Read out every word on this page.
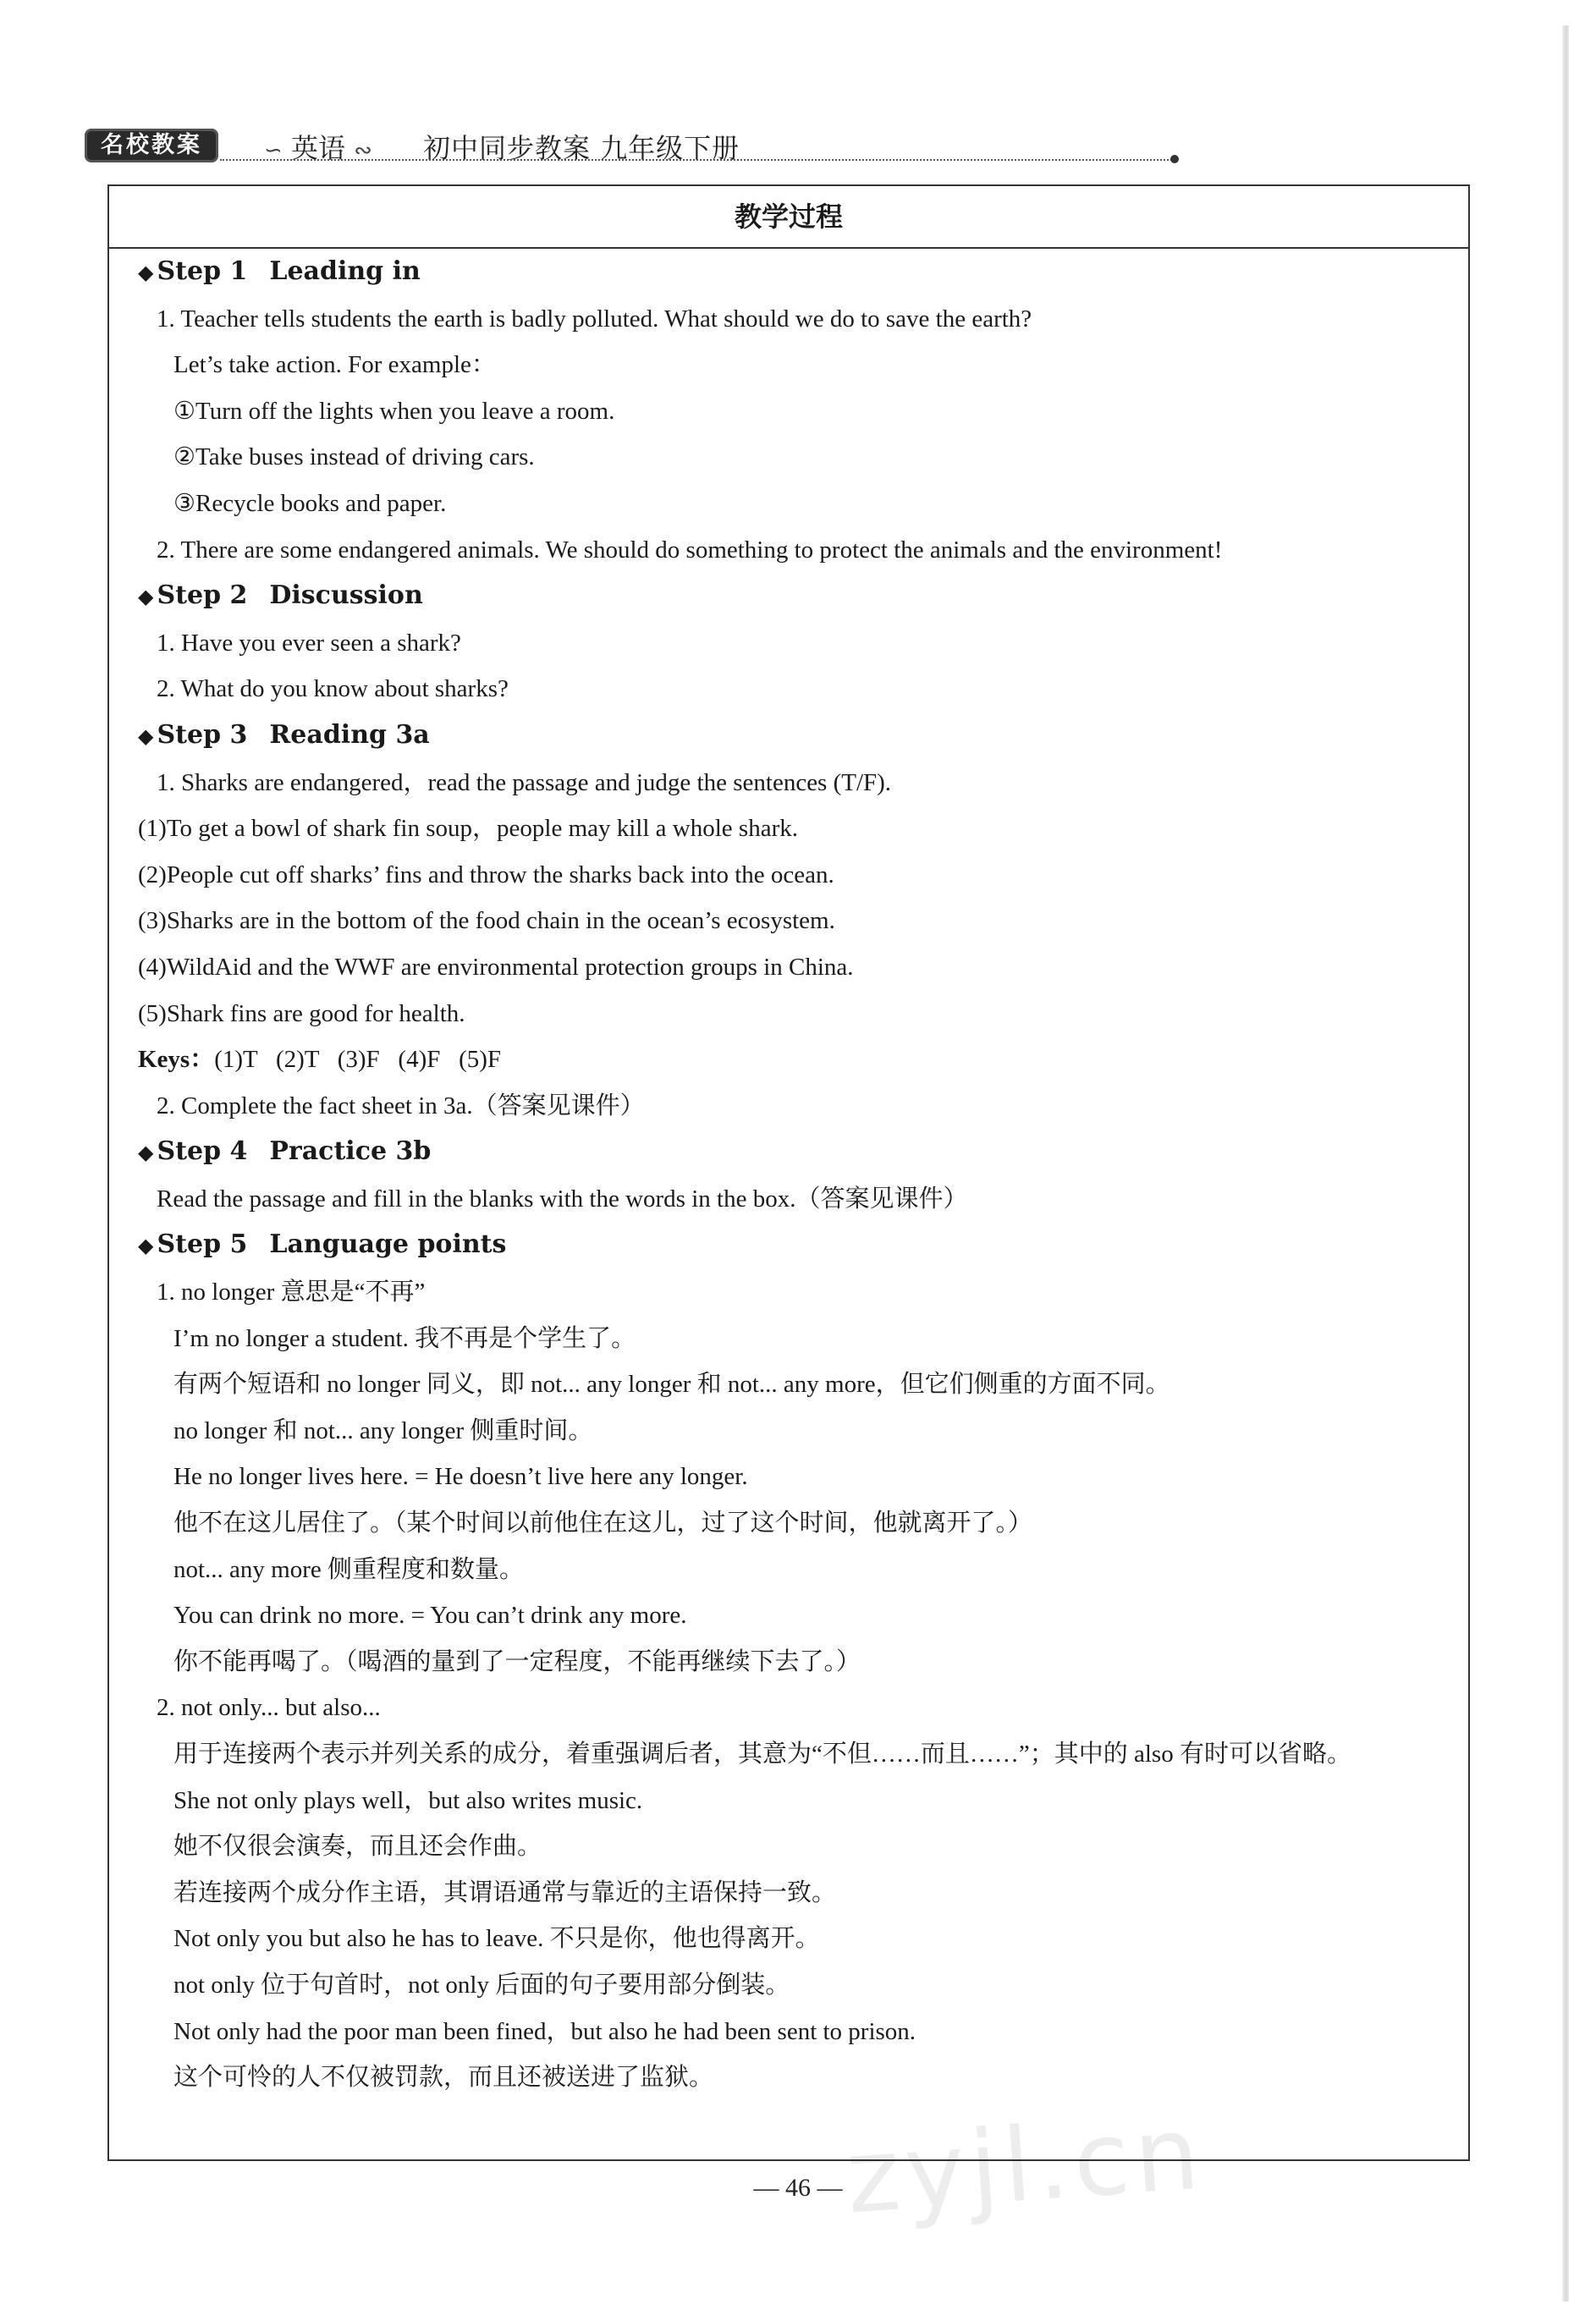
名校教案	∽ 英语 ∾ 初中同步教案 九年级下册
教学过程
◆ Step 1 Leading in
1. Teacher tells students the earth is badly polluted. What should we do to save the earth?
Let’s take action. For example：
①Turn off the lights when you leave a room.
②Take buses instead of driving cars.
③Recycle books and paper.
2. There are some endangered animals. We should do something to protect the animals and the environment!
◆ Step 2 Discussion
1. Have you ever seen a shark?
2. What do you know about sharks?
◆ Step 3 Reading 3a
1. Sharks are endangered，read the passage and judge the sentences (T/F).
(1)To get a bowl of shark fin soup，people may kill a whole shark.
(2)People cut off sharks’ fins and throw the sharks back into the ocean.
(3)Sharks are in the bottom of the food chain in the ocean’s ecosystem.
(4)WildAid and the WWF are environmental protection groups in China.
(5)Shark fins are good for health.
Keys：(1)T   (2)T   (3)F   (4)F   (5)F
2. Complete the fact sheet in 3a.（答案见课件）
◆ Step 4 Practice 3b
Read the passage and fill in the blanks with the words in the box.（答案见课件）
◆ Step 5 Language points
1. no longer 意思是“不再”
I’m no longer a student. 我不再是个学生了。
有两个短语和 no longer 同义，即 not... any longer 和 not... any more，但它们侧重的方面不同。
no longer 和 not... any longer 侧重时间。
He no longer lives here. = He doesn’t live here any longer.
他不在这儿居住了。（某个时间以前他住在这儿，过了这个时间，他就离开了。）
not... any more 侧重程度和数量。
You can drink no more. = You can’t drink any more.
你不能再喝了。（喝酒的量到了一定程度，不能再继续下去了。）
2. not only... but also...
用于连接两个表示并列关系的成分，着重强调后者，其意为“不但……而且……”；其中的 also 有时可以省略。
She not only plays well，but also writes music.
她不仅很会演奏，而且还会作曲。
若连接两个成分作主语，其谓语通常与靠近的主语保持一致。
Not only you but also he has to leave. 不只是你，他也得离开。
not only 位于句首时，not only 后面的句子要用部分倒装。
Not only had the poor man been fined，but also he had been sent to prison.
这个可怜的人不仅被罚款，而且还被送进了监狱。
zyjl.cn
— 46 —
